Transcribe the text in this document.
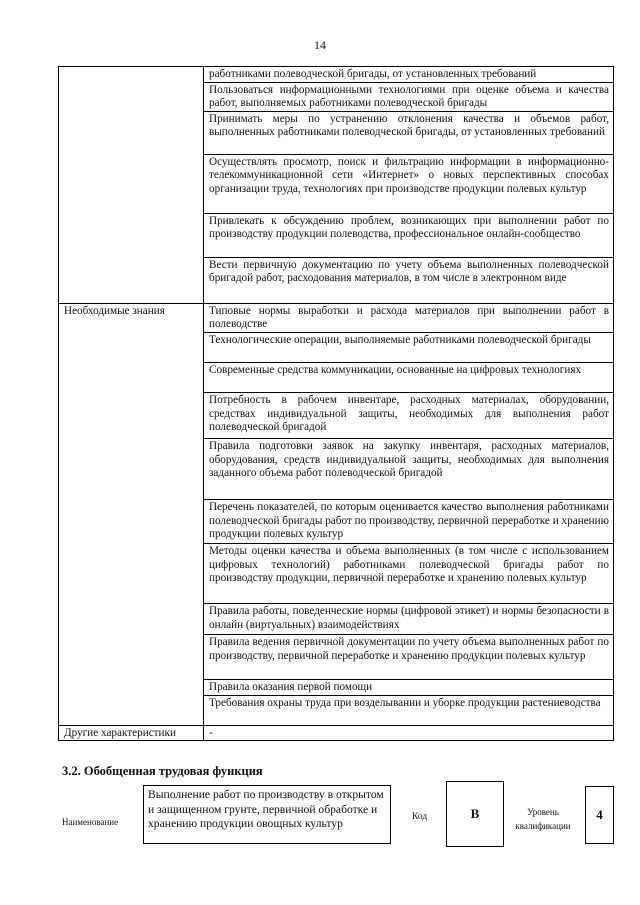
14
	работниками полеводческой бригады, от установленных требований
	Пользоваться информационными технологиями при оценке объема и качества работ, выполняемых работниками полеводческой бригады
	Принимать меры по устранению отклонения качества и объемов работ, выполненных работниками полеводческой бригады, от установленных требований
	Осуществлять просмотр, поиск и фильтрацию информации в информационно-телекоммуникационной сети «Интернет» о новых перспективных способах организации труда, технологиях при производстве продукции полевых культур
	Привлекать к обсуждению проблем, возникающих при выполнении работ по производству продукции полеводства, профессиональное онлайн-сообщество
	Вести первичную документацию по учету объема выполненных полеводческой бригадой работ, расходования материалов, в том числе в электронном виде
Необходимые знания	Типовые нормы выработки и расхода материалов при выполнении работ в полеводстве
	Технологические операции, выполняемые работниками полеводческой бригады
	Современные средства коммуникации, основанные на цифровых технологиях
	Потребность в рабочем инвентаре, расходных материалах, оборудовании, средствах индивидуальной защиты, необходимых для выполнения работ полеводческой бригадой
	Правила подготовки заявок на закупку инвентаря, расходных материалов, оборудования, средств индивидуальной защиты, необходимых для выполнения заданного объема работ полеводческой бригадой
	Перечень показателей, по которым оценивается качество выполнения работниками полеводческой бригады работ по производству, первичной переработке и хранению продукции полевых культур
	Методы оценки качества и объема выполненных (в том числе с использованием цифровых технологий) работниками полеводческой бригады работ по производству продукции, первичной переработке и хранению полевых культур
	Правила работы, поведенческие нормы (цифровой этикет) и нормы безопасности в онлайн (виртуальных) взаимодействиях
	Правила ведения первичной документации по учету объема выполненных работ по производству, первичной переработке и хранению продукции полевых культур
	Правила оказания первой помощи
	Требования охраны труда при возделывании и уборке продукции растениеводства
Другие характеристики	-
3.2. Обобщенная трудовая функция
Наименование
Выполнение работ по производству в открытом и защищенном грунте, первичной обработке и хранению продукции овощных культур	Код	B	Уровень квалификации
4
